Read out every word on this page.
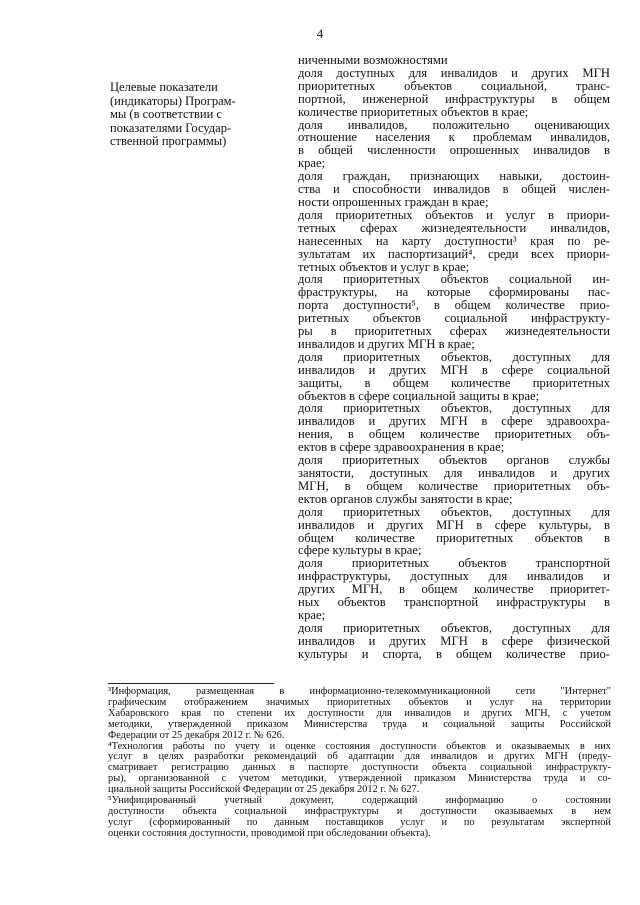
4
Целевые показатели
(индикаторы) Програм-
мы (в соответствии с
показателями Государ-
ственной программы)
ниченными возможностями
доля доступных для инвалидов и других МГН
приоритетных объектов социальной, транс-
портной, инженерной инфраструктуры в общем
количестве приоритетных объектов в крае;
доля инвалидов, положительно оценивающих
отношение населения к проблемам инвалидов,
в общей численности опрошенных инвалидов в
крае;
доля граждан, признающих навыки, достоин-
ства и способности инвалидов в общей числен-
ности опрошенных граждан в крае;
доля приоритетных объектов и услуг в приори-
тетных сферах жизнедеятельности инвалидов,
нанесенных на карту доступности³ края по ре-
зультатам их паспортизаций⁴, среди всех приори-
тетных объектов и услуг в крае;
доля приоритетных объектов социальной ин-
фраструктуры, на которые сформированы пас-
порта доступности⁵, в общем количестве прио-
ритетных объектов социальной инфраструкту-
ры в приоритетных сферах жизнедеятельности
инвалидов и других МГН в крае;
доля приоритетных объектов, доступных для
инвалидов и других МГН в сфере социальной
защиты, в общем количестве приоритетных
объектов в сфере социальной защиты в крае;
доля приоритетных объектов, доступных для
инвалидов и других МГН в сфере здравоохра-
нения, в общем количестве приоритетных объ-
ектов в сфере здравоохранения в крае;
доля приоритетных объектов органов службы
занятости, доступных для инвалидов и других
МГН, в общем количестве приоритетных объ-
ектов органов службы занятости в крае;
доля приоритетных объектов, доступных для
инвалидов и других МГН в сфере культуры, в
общем количестве приоритетных объектов в
сфере культуры в крае;
доля приоритетных объектов транспортной
инфраструктуры, доступных для инвалидов и
других МГН, в общем количестве приоритет-
ных объектов транспортной инфраструктуры в
крае;
доля приоритетных объектов, доступных для
инвалидов и других МГН в сфере физической
культуры и спорта, в общем количестве прио-
³Информация, размещенная в информационно-телекоммуникационной сети "Интернет"
графическим отображением значимых приоритетных объектов и услуг на территории
Хабаровского края по степени их доступности для инвалидов и других МГН, с учетом
методики, утвержденной приказом Министерства труда и социальной защиты Российской
Федерации от 25 декабря 2012 г. № 626.
⁴Технология работы по учету и оценке состояния доступности объектов и оказываемых в них
услуг в целях разработки рекомендаций об адаптации для инвалидов и других МГН (преду-
сматривает регистрацию данных в паспорте доступности объекта социальной инфраструкту-
ры), организованной с учетом методики, утвержденной приказом Министерства труда и со-
циальной защиты Российской Федерации от 25 декабря 2012 г. № 627.
⁵Унифицированный учетный документ, содержащий информацию о состоянии
доступности объекта социальной инфраструктуры и доступности оказываемых в нем
услуг (сформированный по данным поставщиков услуг и по результатам экспертной
оценки состояния доступности, проводимой при обследовании объекта).
